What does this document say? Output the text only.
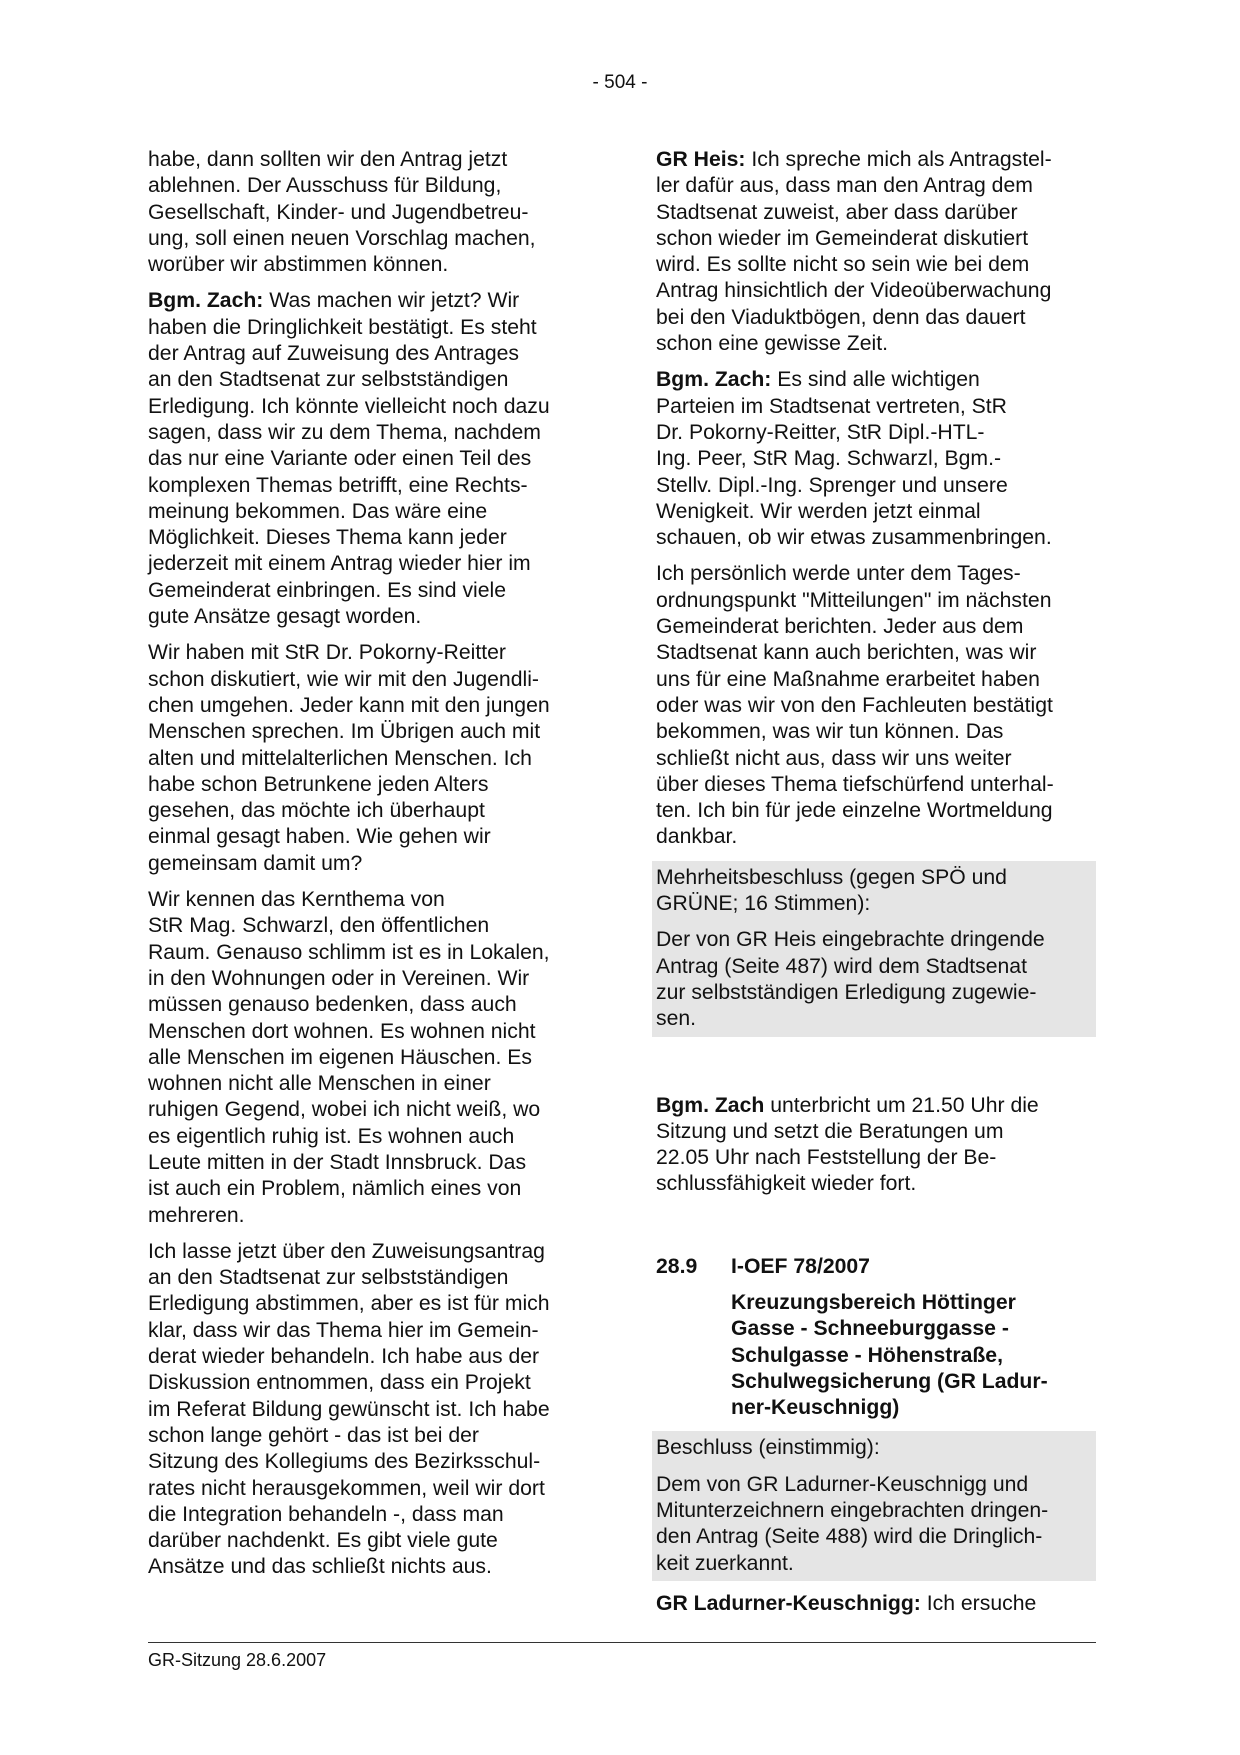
- 504 -

habe, dann sollten wir den Antrag jetzt
ablehnen. Der Ausschuss für Bildung,
Gesellschaft, Kinder- und Jugendbetreu-
ung, soll einen neuen Vorschlag machen,
worüber wir abstimmen können.

Bgm. Zach: Was machen wir jetzt? Wir
haben die Dringlichkeit bestätigt. Es steht
der Antrag auf Zuweisung des Antrages
an den Stadtsenat zur selbstständigen
Erledigung. Ich könnte vielleicht noch dazu
sagen, dass wir zu dem Thema, nachdem
das nur eine Variante oder einen Teil des
komplexen Themas betrifft, eine Rechts-
meinung bekommen. Das wäre eine
Möglichkeit. Dieses Thema kann jeder
jederzeit mit einem Antrag wieder hier im
Gemeinderat einbringen. Es sind viele
gute Ansätze gesagt worden.

Wir haben mit StR Dr. Pokorny-Reitter
schon diskutiert, wie wir mit den Jugendli-
chen umgehen. Jeder kann mit den jungen
Menschen sprechen. Im Übrigen auch mit
alten und mittelalterlichen Menschen. Ich
habe schon Betrunkene jeden Alters
gesehen, das möchte ich überhaupt
einmal gesagt haben. Wie gehen wir
gemeinsam damit um?

Wir kennen das Kernthema von
StR Mag. Schwarzl, den öffentlichen
Raum. Genauso schlimm ist es in Lokalen,
in den Wohnungen oder in Vereinen. Wir
müssen genauso bedenken, dass auch
Menschen dort wohnen. Es wohnen nicht
alle Menschen im eigenen Häuschen. Es
wohnen nicht alle Menschen in einer
ruhigen Gegend, wobei ich nicht weiß, wo
es eigentlich ruhig ist. Es wohnen auch
Leute mitten in der Stadt Innsbruck. Das
ist auch ein Problem, nämlich eines von
mehreren.

Ich lasse jetzt über den Zuweisungsantrag
an den Stadtsenat zur selbstständigen
Erledigung abstimmen, aber es ist für mich
klar, dass wir das Thema hier im Gemein-
derat wieder behandeln. Ich habe aus der
Diskussion entnommen, dass ein Projekt
im Referat Bildung gewünscht ist. Ich habe
schon lange gehört - das ist bei der
Sitzung des Kollegiums des Bezirksschul-
rates nicht herausgekommen, weil wir dort
die Integration behandeln -, dass man
darüber nachdenkt. Es gibt viele gute
Ansätze und das schließt nichts aus.

GR Heis: Ich spreche mich als Antragstel-
ler dafür aus, dass man den Antrag dem
Stadtsenat zuweist, aber dass darüber
schon wieder im Gemeinderat diskutiert
wird. Es sollte nicht so sein wie bei dem
Antrag hinsichtlich der Videoüberwachung
bei den Viaduktbögen, denn das dauert
schon eine gewisse Zeit.

Bgm. Zach: Es sind alle wichtigen
Parteien im Stadtsenat vertreten, StR
Dr. Pokorny-Reitter, StR Dipl.-HTL-
Ing. Peer, StR Mag. Schwarzl, Bgm.-
Stellv. Dipl.-Ing. Sprenger und unsere
Wenigkeit. Wir werden jetzt einmal
schauen, ob wir etwas zusammenbringen.

Ich persönlich werde unter dem Tages-
ordnungspunkt "Mitteilungen" im nächsten
Gemeinderat berichten. Jeder aus dem
Stadtsenat kann auch berichten, was wir
uns für eine Maßnahme erarbeitet haben
oder was wir von den Fachleuten bestätigt
bekommen, was wir tun können. Das
schließt nicht aus, dass wir uns weiter
über dieses Thema tiefschürfend unterhal-
ten. Ich bin für jede einzelne Wortmeldung
dankbar.

Mehrheitsbeschluss (gegen SPÖ und
GRÜNE; 16 Stimmen):

Der von GR Heis eingebrachte dringende
Antrag (Seite 487) wird dem Stadtsenat
zur selbstständigen Erledigung zugewie-
sen.

Bgm. Zach unterbricht um 21.50 Uhr die
Sitzung und setzt die Beratungen um
22.05 Uhr nach Feststellung der Be-
schlussfähigkeit wieder fort.

28.9	I-OEF 78/2007

Kreuzungsbereich Höttinger
Gasse - Schneeburggasse -
Schulgasse - Höhenstraße,
Schulwegsicherung (GR Ladur-
ner-Keuschnigg)

Beschluss (einstimmig):

Dem von GR Ladurner-Keuschnigg und
Mitunterzeichnern eingebrachten dringen-
den Antrag (Seite 488) wird die Dringlich-
keit zuerkannt.

GR Ladurner-Keuschnigg: Ich ersuche

GR-Sitzung 28.6.2007
